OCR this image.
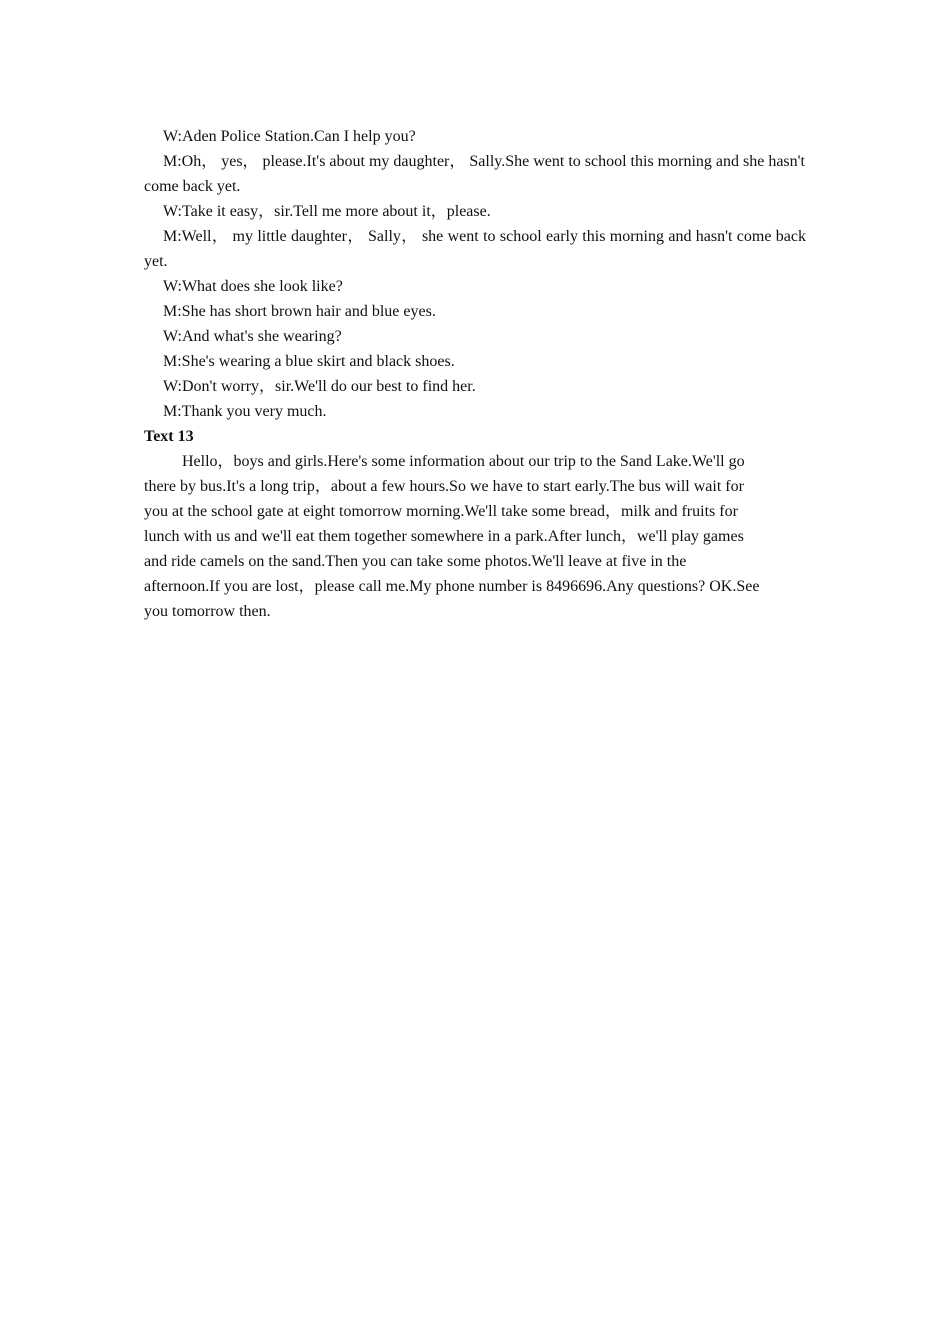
W:Aden Police Station.Can I help you?

M:Oh， yes， please.It's about my daughter， Sally.She went to school this morning and she hasn't

come back yet.

W:Take it easy，sir.Tell me more about it，please.

M:Well， my little daughter， Sally， she went to school early this morning and hasn't come back yet.

W:What does she look like?

M:She has short brown hair and blue eyes.

W:And what's she wearing?

M:She's wearing a blue skirt and black shoes.

W:Don't worry，sir.We'll do our best to find her.

M:Thank you very much.

Text 13

Hello，boys and girls.Here's some information about our trip to the Sand Lake.We'll go

there by bus.It's a long trip，about a few hours.So we have to start early.The bus will wait for

you at the school gate at eight tomorrow morning.We'll take some bread，milk and fruits for

lunch with us and we'll eat them together somewhere in a park.After lunch，we'll play games

and ride camels on the sand.Then you can take some photos.We'll leave at five in the

afternoon.If you are lost，please call me.My phone number is 8496696.Any questions? OK.See

you tomorrow then.
